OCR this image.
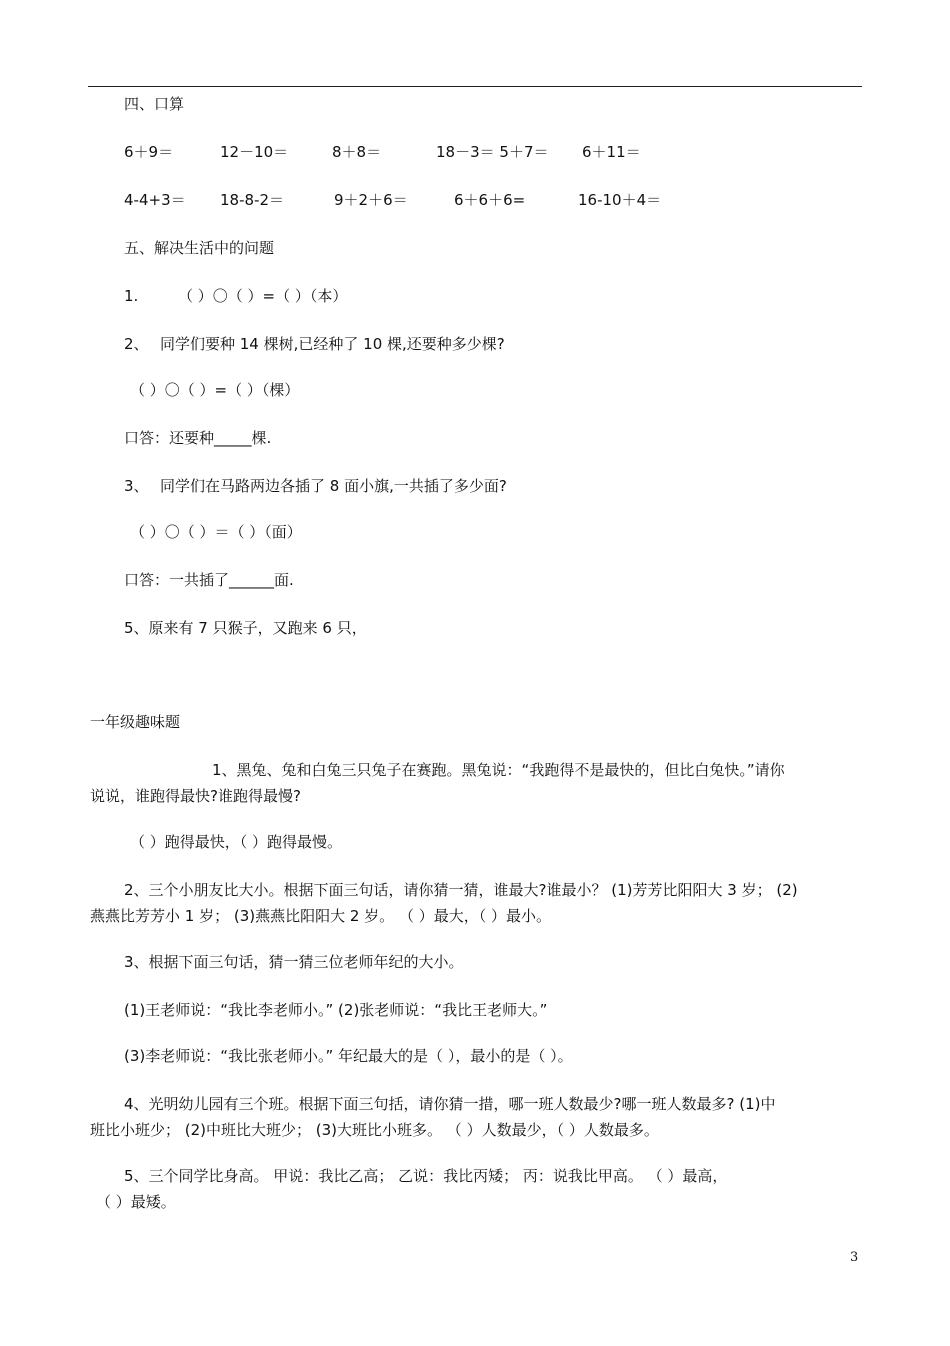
四、口算
6＋9＝	12－10＝	8＋8＝	18－3＝ 5＋7＝ 6＋11＝
4-4+3＝ 18-8-2＝	9＋2＋6＝	6＋6＋6=	16-10＋4＝
五、解决生活中的问题
1.	（ ）〇（ ）=（ ）（本）
2、 同学们要种 14 棵树,已经种了 10 棵,还要种多少棵?
（ ）〇（ ）=（ ）（棵）
口答：还要种_____棵.
3、 同学们在马路两边各插了 8 面小旗,一共插了多少面?
（ ）〇（ ）＝（ ）（面）
口答：一共插了______面.
5、原来有 7 只猴子，又跑来 6 只，
一年级趣味题
1、黑兔、兔和白兔三只兔子在赛跑。黑兔说：“我跑得不是最快的，但比白兔快。”请你
说说，谁跑得最快?谁跑得最慢?
（ ）跑得最快，（ ）跑得最慢。
2、三个小朋友比大小。根据下面三句话，请你猜一猜，谁最大?谁最小？ (1)芳芳比阳阳大 3 岁； (2)
燕燕比芳芳小 1 岁； (3)燕燕比阳阳大 2 岁。 （ ）最大，（ ）最小。
3、根据下面三句话，猜一猜三位老师年纪的大小。
(1)王老师说：“我比李老师小。” (2)张老师说：“我比王老师大。”
(3)李老师说：“我比张老师小。” 年纪最大的是（ ），最小的是（ ）。
4、光明幼儿园有三个班。根据下面三句括，请你猜一措，哪一班人数最少?哪一班人数最多? (1)中
班比小班少； (2)中班比大班少； (3)大班比小班多。 （ ）人数最少，（ ）人数最多。
5、三个同学比身高。 甲说：我比乙高； 乙说：我比丙矮； 丙：说我比甲高。 （ ）最高，
（ ）最矮。
3
